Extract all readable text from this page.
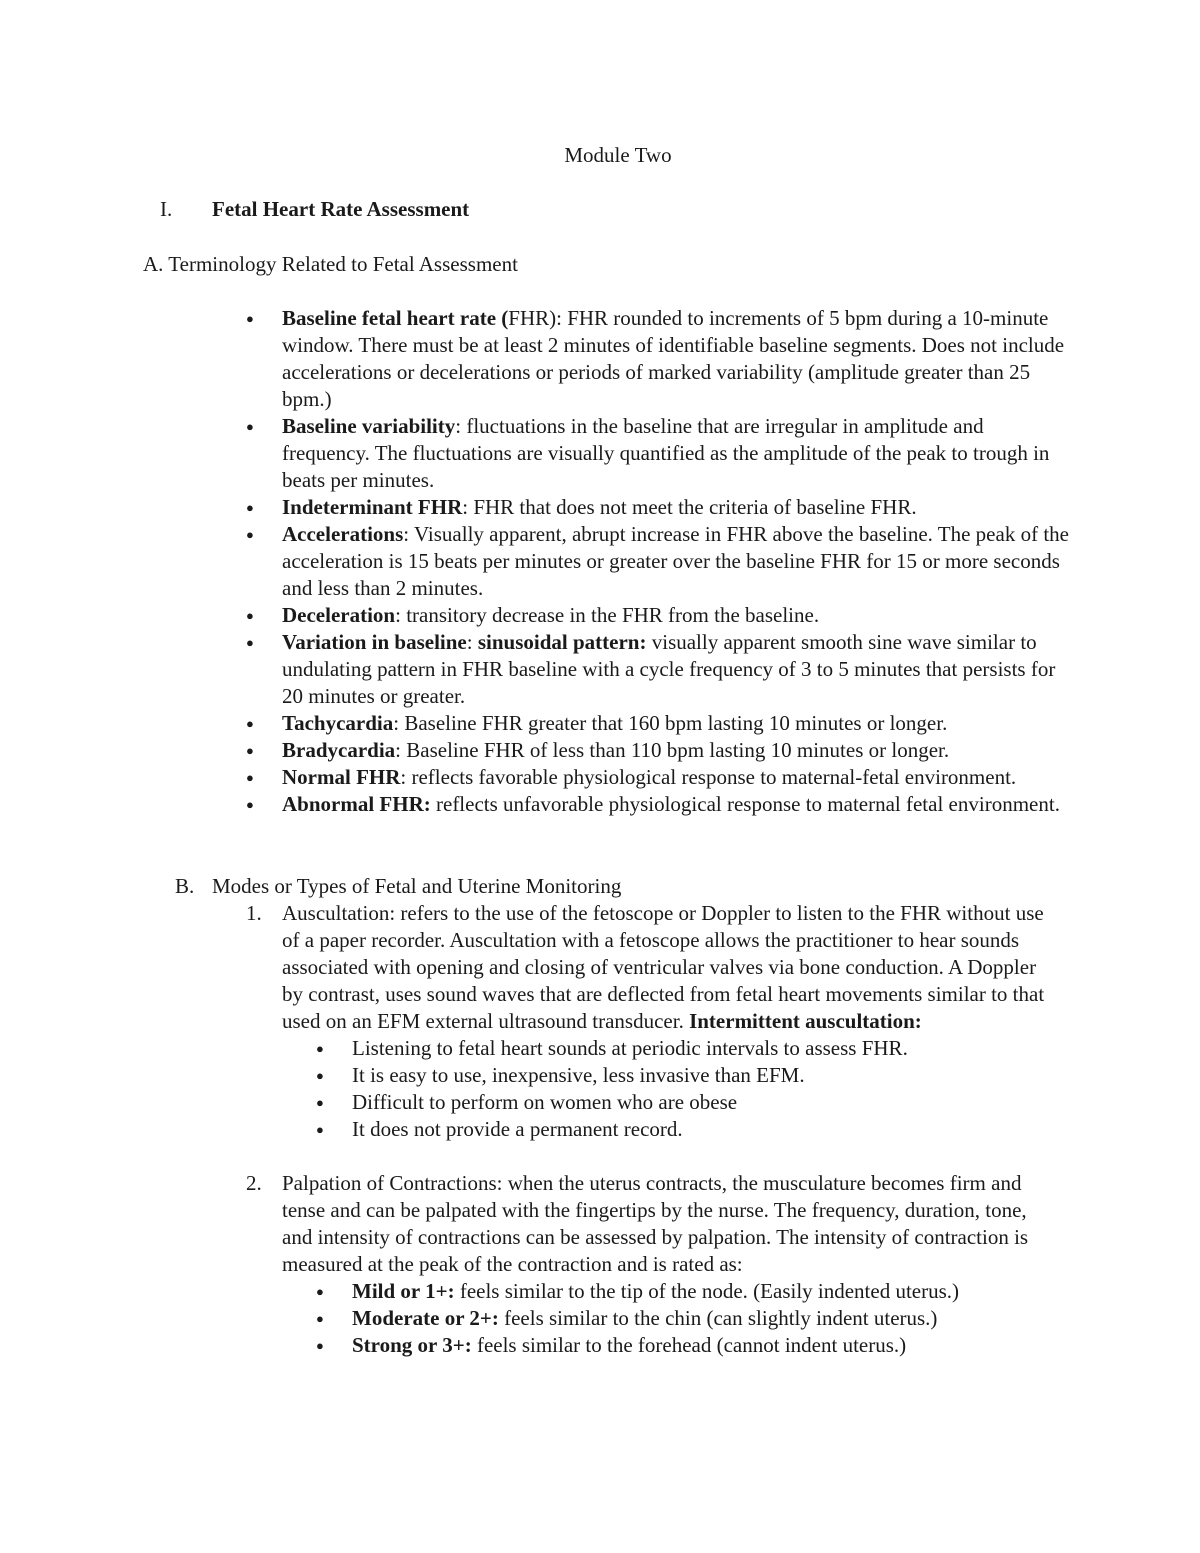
Module Two
I. Fetal Heart Rate Assessment
A. Terminology Related to Fetal Assessment
● Baseline fetal heart rate (FHR): FHR rounded to increments of 5 bpm during a 10-minute window. There must be at least 2 minutes of identifiable baseline segments. Does not include accelerations or decelerations or periods of marked variability (amplitude greater than 25 bpm.)
● Baseline variability: fluctuations in the baseline that are irregular in amplitude and frequency. The fluctuations are visually quantified as the amplitude of the peak to trough in beats per minutes.
● Indeterminant FHR: FHR that does not meet the criteria of baseline FHR.
● Accelerations: Visually apparent, abrupt increase in FHR above the baseline. The peak of the acceleration is 15 beats per minutes or greater over the baseline FHR for 15 or more seconds and less than 2 minutes.
● Deceleration: transitory decrease in the FHR from the baseline.
● Variation in baseline: sinusoidal pattern: visually apparent smooth sine wave similar to undulating pattern in FHR baseline with a cycle frequency of 3 to 5 minutes that persists for 20 minutes or greater.
● Tachycardia: Baseline FHR greater that 160 bpm lasting 10 minutes or longer.
● Bradycardia: Baseline FHR of less than 110 bpm lasting 10 minutes or longer.
● Normal FHR: reflects favorable physiological response to maternal-fetal environment.
● Abnormal FHR: reflects unfavorable physiological response to maternal fetal environment.
B. Modes or Types of Fetal and Uterine Monitoring
1. Auscultation: refers to the use of the fetoscope or Doppler to listen to the FHR without use of a paper recorder. Auscultation with a fetoscope allows the practitioner to hear sounds associated with opening and closing of ventricular valves via bone conduction. A Doppler by contrast, uses sound waves that are deflected from fetal heart movements similar to that used on an EFM external ultrasound transducer. Intermittent auscultation:
● Listening to fetal heart sounds at periodic intervals to assess FHR.
● It is easy to use, inexpensive, less invasive than EFM.
● Difficult to perform on women who are obese
● It does not provide a permanent record.
2. Palpation of Contractions: when the uterus contracts, the musculature becomes firm and tense and can be palpated with the fingertips by the nurse. The frequency, duration, tone, and intensity of contractions can be assessed by palpation. The intensity of contraction is measured at the peak of the contraction and is rated as:
● Mild or 1+: feels similar to the tip of the node. (Easily indented uterus.)
● Moderate or 2+: feels similar to the chin (can slightly indent uterus.)
● Strong or 3+: feels similar to the forehead (cannot indent uterus.)
